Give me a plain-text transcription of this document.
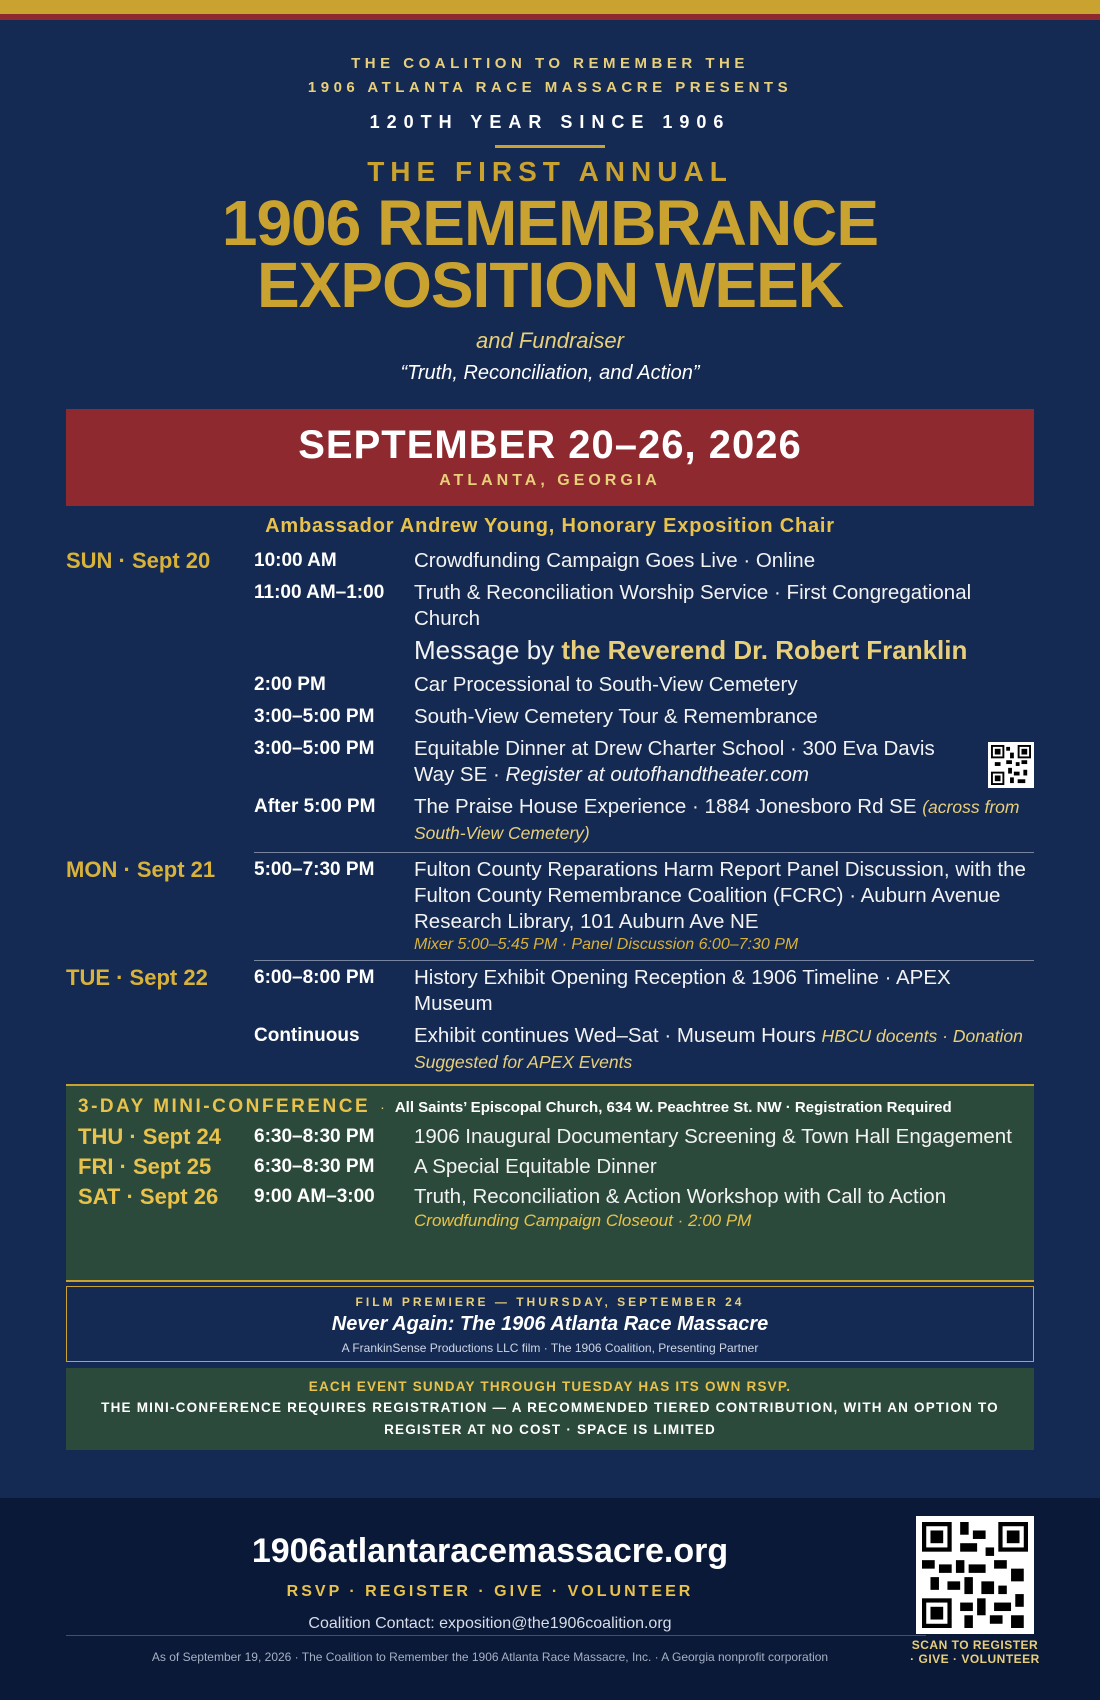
THE COALITION TO REMEMBER THE
1906 ATLANTA RACE MASSACRE PRESENTS
120TH YEAR SINCE 1906
THE FIRST ANNUAL
1906 REMEMBRANCE
EXPOSITION WEEK
and Fundraiser
“Truth, Reconciliation, and Action”
SEPTEMBER 20–26, 2026
ATLANTA, GEORGIA
Ambassador Andrew Young, Honorary Exposition Chair
SUN · Sept 20	10:00 AM	Crowdfunding Campaign Goes Live · Online
11:00 AM–1:00	Truth & Reconciliation Worship Service · First Congregational Church
Message by the Reverend Dr. Robert Franklin
2:00 PM	Car Processional to South-View Cemetery
3:00–5:00 PM	South-View Cemetery Tour & Remembrance
3:00–5:00 PM	Equitable Dinner at Drew Charter School · 300 Eva Davis Way SE · Register at outofhandtheater.com
After 5:00 PM	The Praise House Experience · 1884 Jonesboro Rd SE (across from South-View Cemetery)
MON · Sept 21	5:00–7:30 PM	Fulton County Reparations Harm Report Panel Discussion, with the Fulton County Remembrance Coalition (FCRC) · Auburn Avenue Research Library, 101 Auburn Ave NE
Mixer 5:00–5:45 PM · Panel Discussion 6:00–7:30 PM
TUE · Sept 22	6:00–8:00 PM	History Exhibit Opening Reception & 1906 Timeline · APEX Museum
Continuous	Exhibit continues Wed–Sat · Museum Hours HBCU docents · Donation Suggested for APEX Events
3-DAY MINI-CONFERENCE · All Saints’ Episcopal Church, 634 W. Peachtree St. NW · Registration Required
THU · Sept 24	6:30–8:30 PM	1906 Inaugural Documentary Screening & Town Hall Engagement
FRI · Sept 25	6:30–8:30 PM	A Special Equitable Dinner
SAT · Sept 26	9:00 AM–3:00	Truth, Reconciliation & Action Workshop with Call to Action
Crowdfunding Campaign Closeout · 2:00 PM
FILM PREMIERE — THURSDAY, SEPTEMBER 24
Never Again: The 1906 Atlanta Race Massacre
A FrankinSense Productions LLC film · The 1906 Coalition, Presenting Partner
EACH EVENT SUNDAY THROUGH TUESDAY HAS ITS OWN RSVP.
THE MINI-CONFERENCE REQUIRES REGISTRATION — A RECOMMENDED TIERED CONTRIBUTION, WITH AN OPTION TO REGISTER AT NO COST · SPACE IS LIMITED
1906atlantaracemassacre.org
RSVP · REGISTER · GIVE · VOLUNTEER
Coalition Contact: exposition@the1906coalition.org
As of September 19, 2026 · The Coalition to Remember the 1906 Atlanta Race Massacre, Inc. · A Georgia nonprofit corporation
SCAN TO REGISTER · GIVE · VOLUNTEER
